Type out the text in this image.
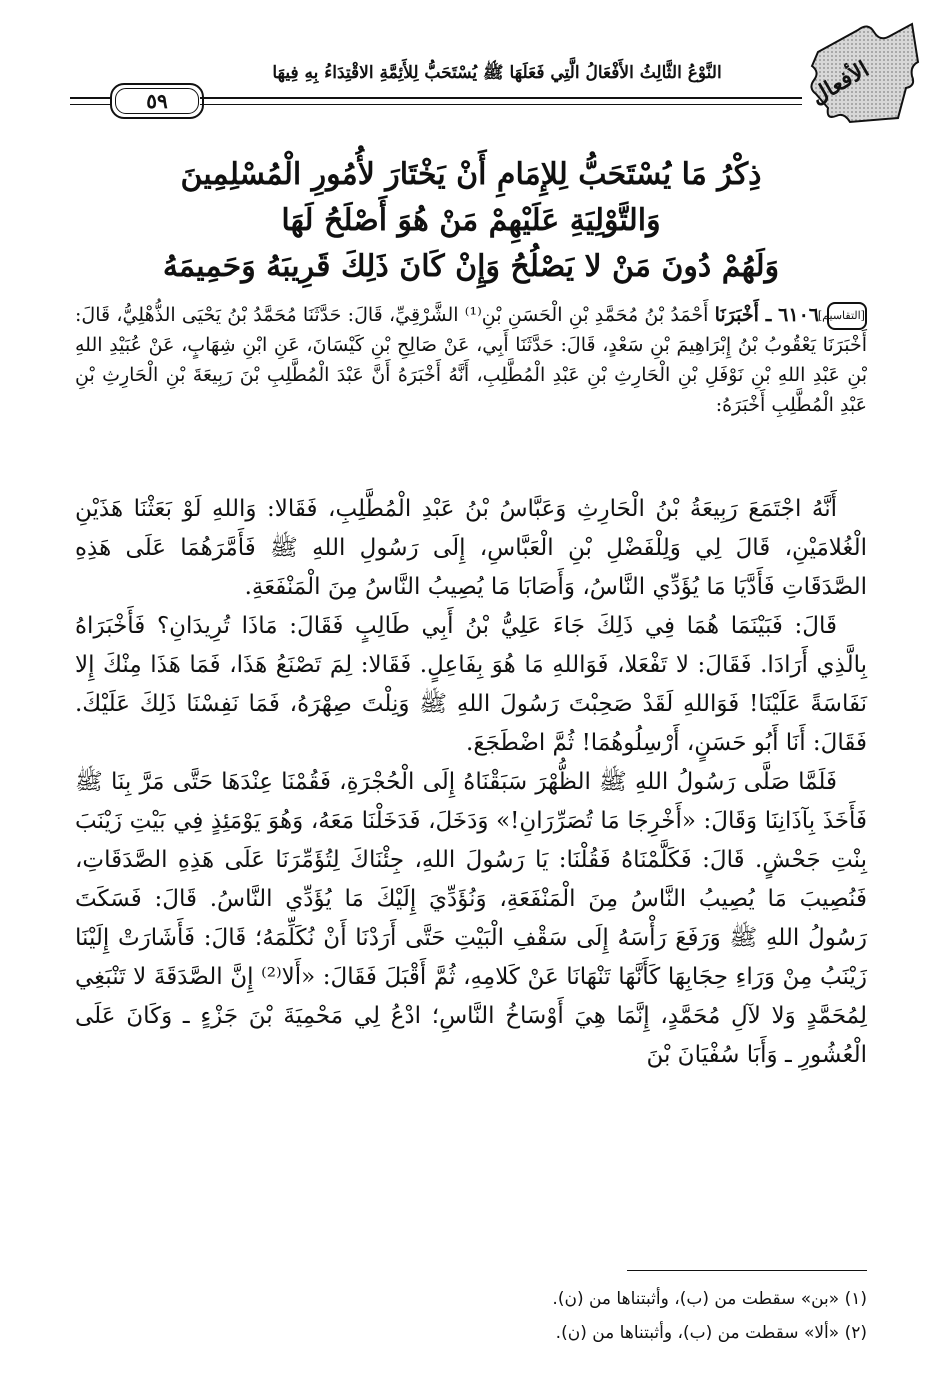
الأفعال
النَّوْعُ الثَّالِثُ الأَفْعَالُ الَّتِي فَعَلَهَا ﷺ يُسْتَحَبُّ لِلأَئِمَّةِ الاقْتِدَاءُ بِهِ فِيهَا
٥٩
ذِكْرُ مَا يُسْتَحَبُّ لِلإِمَامِ أَنْ يَخْتَارَ لأُمُورِ الْمُسْلِمِينَ
وَالتَّوْلِيَةِ عَلَيْهِمْ مَنْ هُوَ أَصْلَحُ لَهَا
وَلَهُمْ دُونَ مَنْ لا يَصْلُحُ وَإِنْ كَانَ ذَلِكَ قَرِيبَهُ وَحَمِيمَهُ
[التقاسيم]٦١٠٦ ـ أَخْبَرَنَا أَحْمَدُ بْنُ مُحَمَّدِ بْنِ الْحَسَنِ بْنِ⁽¹⁾ الشَّرْقِيِّ، قَالَ: حَدَّثَنَا مُحَمَّدُ بْنُ يَحْيَى الذُّهْلِيُّ، قَالَ: أَخْبَرَنَا يَعْقُوبُ بْنُ إِبْرَاهِيمَ بْنِ سَعْدٍ، قَالَ: حَدَّثَنَا أَبِي، عَنْ صَالِحِ بْنِ كَيْسَانَ، عَنِ ابْنِ شِهَابٍ، عَنْ عُبَيْدِ اللهِ بْنِ عَبْدِ اللهِ بْنِ نَوْفَلِ بْنِ الْحَارِثِ بْنِ عَبْدِ الْمُطَّلِبِ، أَنَّهُ أَخْبَرَهُ أَنَّ عَبْدَ الْمُطَّلِبِ بْنَ رَبِيعَةَ بْنِ الْحَارِثِ بْنِ عَبْدِ الْمُطَّلِبِ أَخْبَرَهُ:

أَنَّهُ اجْتَمَعَ رَبِيعَةُ بْنُ الْحَارِثِ وَعَبَّاسُ بْنُ عَبْدِ الْمُطَّلِبِ، فَقَالا: وَاللهِ لَوْ بَعَثْنَا هَذَيْنِ الْغُلامَيْنِ، قَالَ لِي وَلِلْفَضْلِ بْنِ الْعَبَّاسِ، إِلَى رَسُولِ اللهِ ﷺ فَأَمَّرَهُمَا عَلَى هَذِهِ الصَّدَقَاتِ فَأَدَّيَا مَا يُؤَدِّي النَّاسُ، وَأَصَابَا مَا يُصِيبُ النَّاسُ مِنَ الْمَنْفَعَةِ.

قَالَ: فَبَيْنَمَا هُمَا فِي ذَلِكَ جَاءَ عَلِيُّ بْنُ أَبِي طَالِبٍ فَقَالَ: مَاذَا تُرِيدَانِ؟ فَأَخْبَرَاهُ بِالَّذِي أَرَادَا. فَقَالَ: لا تَفْعَلا، فَوَاللهِ مَا هُوَ بِفَاعِلٍ. فَقَالا: لِمَ تَصْنَعُ هَذَا، فَمَا هَذَا مِنْكَ إِلا نَفَاسَةً عَلَيْنَا! فَوَاللهِ لَقَدْ صَحِبْتَ رَسُولَ اللهِ ﷺ وَنِلْتَ صِهْرَهُ، فَمَا نَفِسْنَا ذَلِكَ عَلَيْكَ. فَقَالَ: أَنَا أَبُو حَسَنٍ، أَرْسِلُوهُمَا! ثُمَّ اضْطَجَعَ.

فَلَمَّا صَلَّى رَسُولُ اللهِ ﷺ الظُّهْرَ سَبَقْنَاهُ إِلَى الْحُجْرَةِ، فَقُمْنَا عِنْدَهَا حَتَّى مَرَّ بِنَا ﷺ فَأَخَذَ بِآذَانِنَا وَقَالَ: «أَخْرِجَا مَا تُصَرِّرَانِ!» وَدَخَلَ، فَدَخَلْنَا مَعَهُ، وَهُوَ يَوْمَئِذٍ فِي بَيْتِ زَيْنَبَ بِنْتِ جَحْشٍ. قَالَ: فَكَلَّمْنَاهُ فَقُلْنَا: يَا رَسُولَ اللهِ، جِئْنَاكَ لِتُؤَمِّرَنَا عَلَى هَذِهِ الصَّدَقَاتِ، فَنُصِيبَ مَا يُصِيبُ النَّاسُ مِنَ الْمَنْفَعَةِ، وَنُؤَدِّيَ إِلَيْكَ مَا يُؤَدِّي النَّاسُ. قَالَ: فَسَكَتَ رَسُولُ اللهِ ﷺ وَرَفَعَ رَأْسَهُ إِلَى سَقْفِ الْبَيْتِ حَتَّى أَرَدْنَا أَنْ نُكَلِّمَهُ؛ قَالَ: فَأَشَارَتْ إِلَيْنَا زَيْنَبُ مِنْ وَرَاءِ حِجَابِهَا كَأَنَّهَا تَنْهَانَا عَنْ كَلامِهِ، ثُمَّ أَقْبَلَ فَقَالَ: «أَلا⁽²⁾ إِنَّ الصَّدَقَةَ لا تَنْبَغِي لِمُحَمَّدٍ وَلا لآلِ مُحَمَّدٍ، إِنَّمَا هِيَ أَوْسَاخُ النَّاسِ؛ ادْعُ لِي مَحْمِيَةَ بْنَ جَزْءٍ ـ وَكَانَ عَلَى الْعُشُورِ ـ وَأَبَا سُفْيَانَ بْنَ

(١) «بن» سقطت من (ب)، وأثبتناها من (ن).
(٢) «ألا» سقطت من (ب)، وأثبتناها من (ن).
